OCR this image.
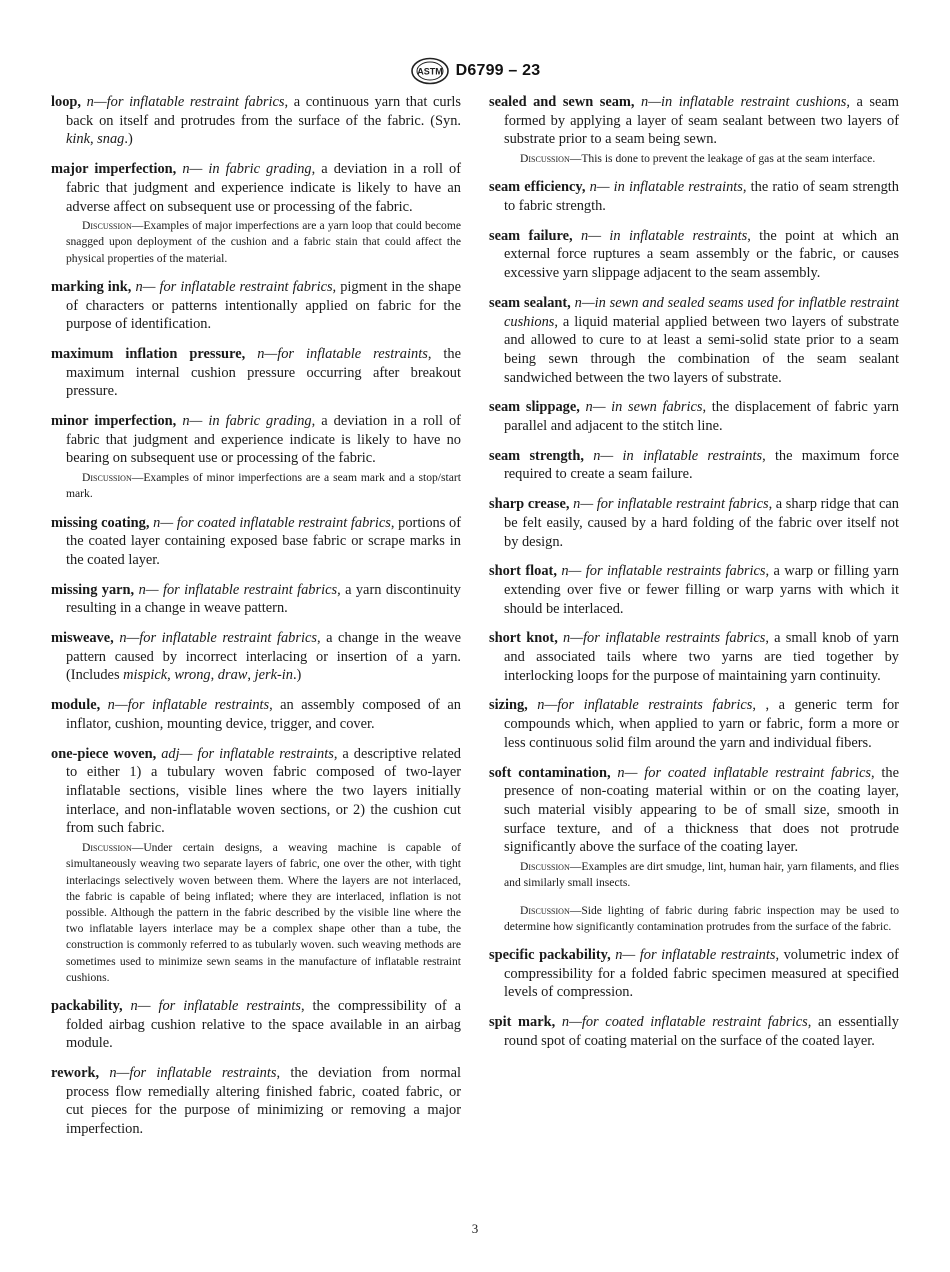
ASTM D6799 – 23

loop, n—for inflatable restraint fabrics, a continuous yarn that curls back on itself and protrudes from the surface of the fabric. (Syn. kink, snag.)

major imperfection, n— in fabric grading, a deviation in a roll of fabric that judgment and experience indicate is likely to have an adverse affect on subsequent use or processing of the fabric.

Discussion—Examples of major imperfections are a yarn loop that could become snagged upon deployment of the cushion and a fabric stain that could affect the physical properties of the material.

marking ink, n— for inflatable restraint fabrics, pigment in the shape of characters or patterns intentionally applied on fabric for the purpose of identification.

maximum inflation pressure, n—for inflatable restraints, the maximum internal cushion pressure occurring after breakout pressure.

minor imperfection, n— in fabric grading, a deviation in a roll of fabric that judgment and experience indicate is likely to have no bearing on subsequent use or processing of the fabric.

Discussion—Examples of minor imperfections are a seam mark and a stop/start mark.

missing coating, n— for coated inflatable restraint fabrics, portions of the coated layer containing exposed base fabric or scrape marks in the coated layer.

missing yarn, n— for inflatable restraint fabrics, a yarn discontinuity resulting in a change in weave pattern.

misweave, n—for inflatable restraint fabrics, a change in the weave pattern caused by incorrect interlacing or insertion of a yarn. (Includes mispick, wrong, draw, jerk-in.)

module, n—for inflatable restraints, an assembly composed of an inflator, cushion, mounting device, trigger, and cover.

one-piece woven, adj— for inflatable restraints, a descriptive related to either 1) a tubulary woven fabric composed of two-layer inflatable sections, visible lines where the two layers initially interlace, and non-inflatable woven sections, or 2) the cushion cut from such fabric.

Discussion—Under certain designs, a weaving machine is capable of simultaneously weaving two separate layers of fabric, one over the other, with tight interlacings selectively woven between them. Where the layers are not interlaced, the fabric is capable of being inflated; where they are interlaced, inflation is not possible. Although the pattern in the fabric described by the visible line where the two inflatable layers interlace may be a complex shape other than a tube, the construction is commonly referred to as tubularly woven. such weaving methods are sometimes used to minimize sewn seams in the manufacture of inflatable restraint cushions.

packability, n— for inflatable restraints, the compressibility of a folded airbag cushion relative to the space available in an airbag module.

rework, n—for inflatable restraints, the deviation from normal process flow remedially altering finished fabric, coated fabric, or cut pieces for the purpose of minimizing or removing a major imperfection.

sealed and sewn seam, n—in inflatable restraint cushions, a seam formed by applying a layer of seam sealant between two layers of substrate prior to a seam being sewn.

Discussion—This is done to prevent the leakage of gas at the seam interface.

seam efficiency, n— in inflatable restraints, the ratio of seam strength to fabric strength.

seam failure, n— in inflatable restraints, the point at which an external force ruptures a seam assembly or the fabric, or causes excessive yarn slippage adjacent to the seam assembly.

seam sealant, n—in sewn and sealed seams used for inflatble restraint cushions, a liquid material applied between two layers of substrate and allowed to cure to at least a semi-solid state prior to a seam being sewn through the combination of the seam sealant sandwiched between the two layers of substrate.

seam slippage, n— in sewn fabrics, the displacement of fabric yarn parallel and adjacent to the stitch line.

seam strength, n— in inflatable restraints, the maximum force required to create a seam failure.

sharp crease, n— for inflatable restraint fabrics, a sharp ridge that can be felt easily, caused by a hard folding of the fabric over itself not by design.

short float, n— for inflatable restraints fabrics, a warp or filling yarn extending over five or fewer filling or warp yarns with which it should be interlaced.

short knot, n—for inflatable restraints fabrics, a small knob of yarn and associated tails where two yarns are tied together by interlocking loops for the purpose of maintaining yarn continuity.

sizing, n—for inflatable restraints fabrics, , a generic term for compounds which, when applied to yarn or fabric, form a more or less continuous solid film around the yarn and individual fibers.

soft contamination, n— for coated inflatable restraint fabrics, the presence of non-coating material within or on the coating layer, such material visibly appearing to be of small size, smooth in surface texture, and of a thickness that does not protrude significantly above the surface of the coating layer.

Discussion—Examples are dirt smudge, lint, human hair, yarn filaments, and flies and similarly small insects.

Discussion—Side lighting of fabric during fabric inspection may be used to determine how significantly contamination protrudes from the surface of the fabric.

specific packability, n— for inflatable restraints, volumetric index of compressibility for a folded fabric specimen measured at specified levels of compression.

spit mark, n—for coated inflatable restraint fabrics, an essentially round spot of coating material on the surface of the coated layer.

3
